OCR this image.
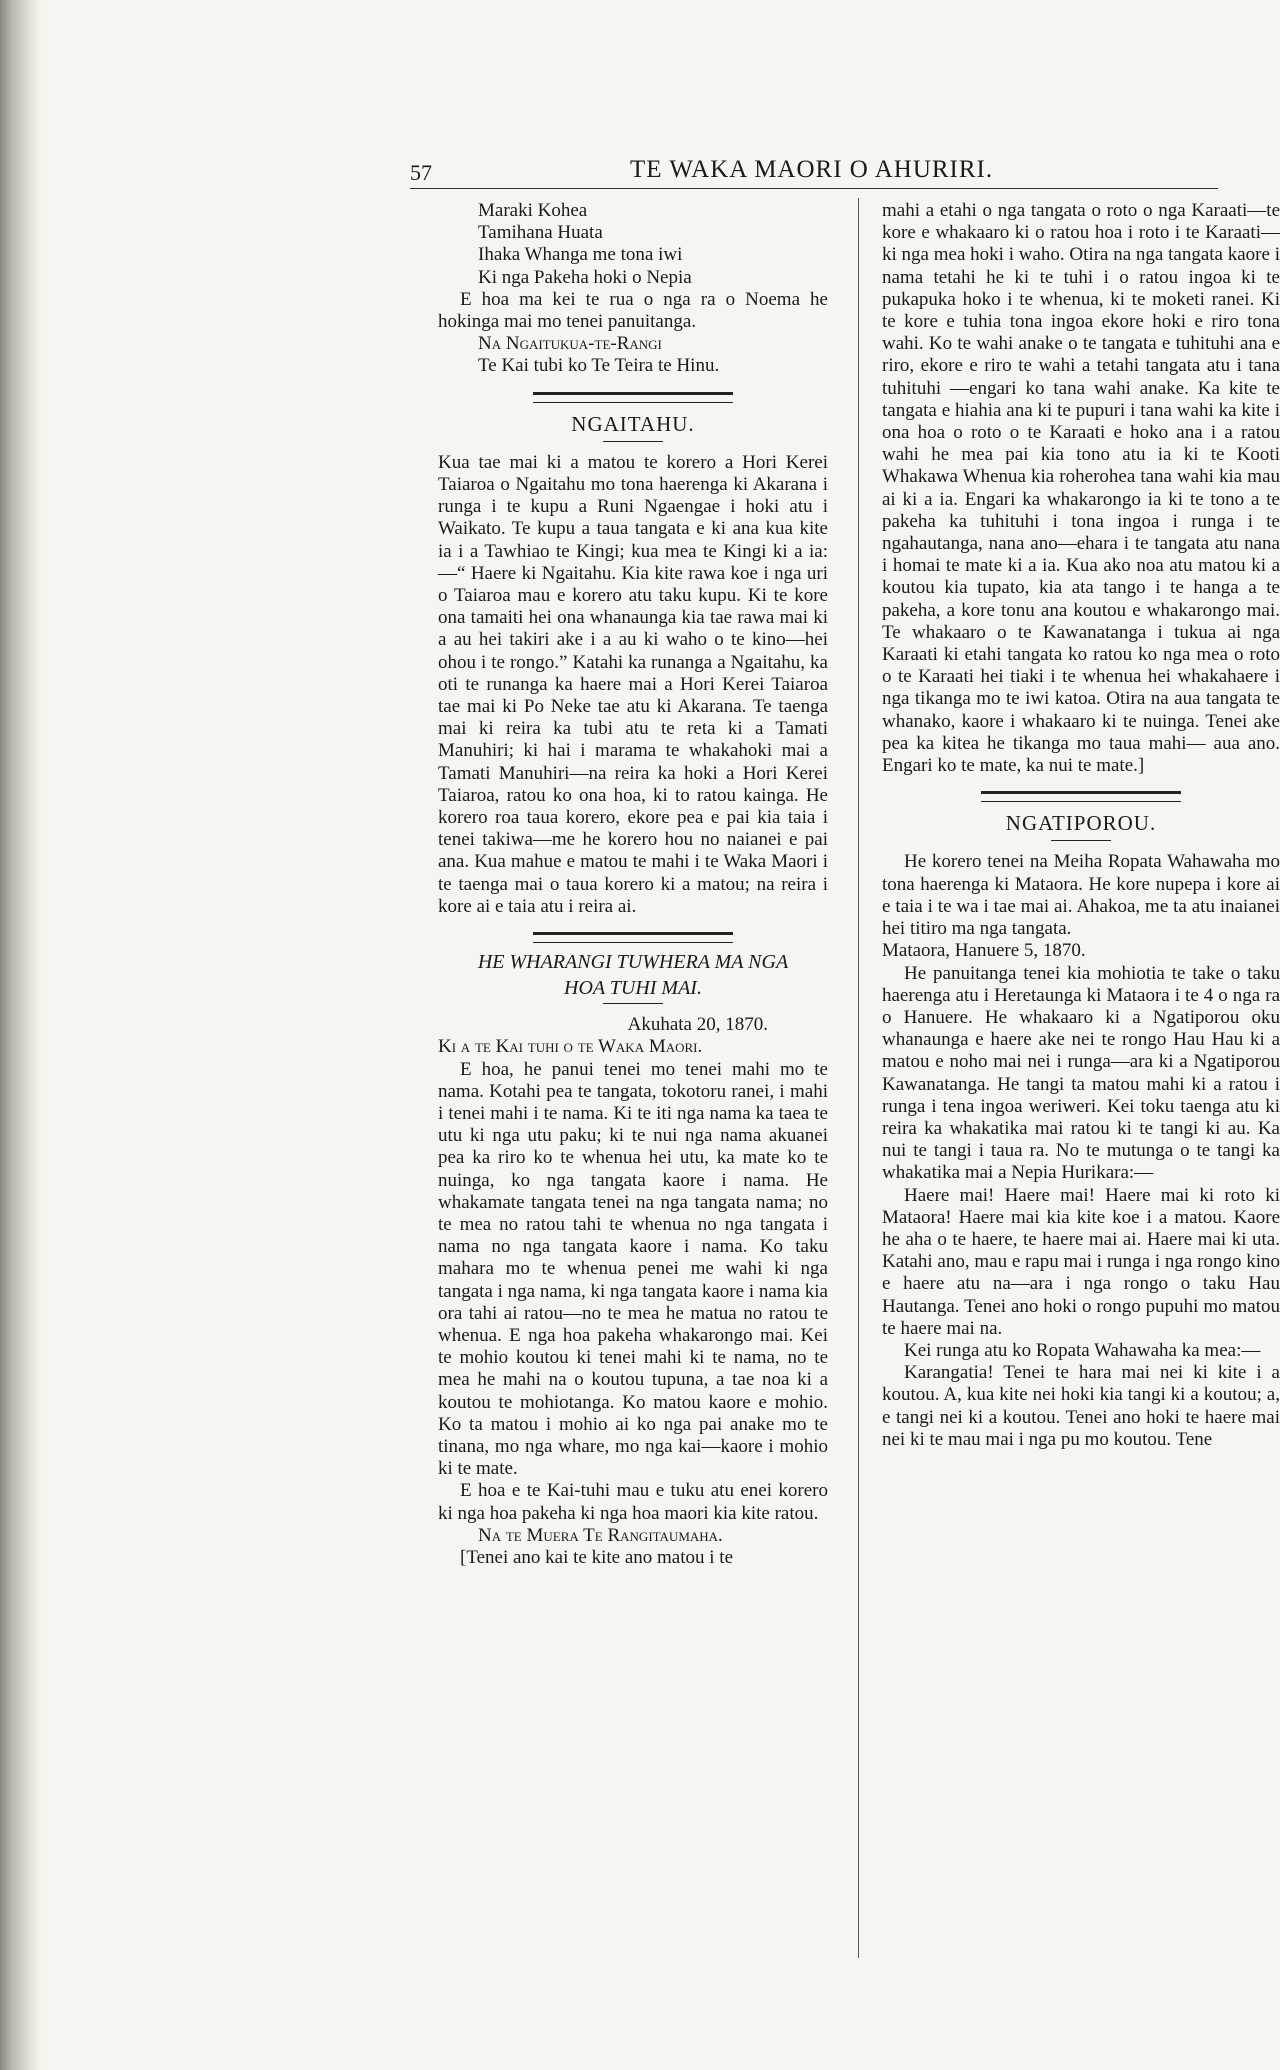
57	TE WAKA MAORI O AHURIRI.

Maraki Kohea

Tamihana Huata

Ihaka Whanga me tona iwi

Ki nga Pakeha hoki o Nepia

E hoa ma kei te rua o nga ra o Noema he hokinga mai mo tenei panuitanga.

Na Ngaitukua-te-Rangi

Te Kai tubi ko Te Teira te Hinu.

NGAITAHU.

Kua tae mai ki a matou te korero a Hori Kerei Taiaroa o Ngaitahu mo tona haerenga ki Akarana i runga i te kupu a Runi Ngaengae i hoki atu i Waikato. Te kupu a taua tangata e ki ana kua kite ia i a Tawhiao te Kingi; kua mea te Kingi ki a ia: —“ Haere ki Ngaitahu. Kia kite rawa koe i nga uri o Taiaroa mau e korero atu taku kupu. Ki te kore ona tamaiti hei ona whanaunga kia tae rawa mai ki a au hei takiri ake i a au ki waho o te kino—hei ohou i te rongo.” Katahi ka runanga a Ngaitahu, ka oti te runanga ka haere mai a Hori Kerei Taiaroa tae mai ki Po Neke tae atu ki Akarana. Te taenga mai ki reira ka tubi atu te reta ki a Tamati Manuhiri; ki hai i marama te whakahoki mai a Tamati Manuhiri—na reira ka hoki a Hori Kerei Taiaroa, ratou ko ona hoa, ki to ratou kainga. He korero roa taua korero, ekore pea e pai kia taia i tenei takiwa—me he korero hou no naianei e pai ana. Kua mahue e matou te mahi i te Waka Maori i te taenga mai o taua korero ki a matou; na reira i kore ai e taia atu i reira ai.

HE WHARANGI TUWHERA MA NGA

HOA TUHI MAI.

Akuhata 20, 1870.

Ki a te Kai tuhi o te Waka Maori.

E hoa, he panui tenei mo tenei mahi mo te nama. Kotahi pea te tangata, tokotoru ranei, i mahi i tenei mahi i te nama. Ki te iti nga nama ka taea te utu ki nga utu paku; ki te nui nga nama akuanei pea ka riro ko te whenua hei utu, ka mate ko te nuinga, ko nga tangata kaore i nama. He whakamate tangata tenei na nga tangata nama; no te mea no ratou tahi te whenua no nga tangata i nama no nga tangata kaore i nama. Ko taku mahara mo te whenua penei me wahi ki nga tangata i nga nama, ki nga tangata kaore i nama kia ora tahi ai ratou—no te mea he matua no ratou te whenua. E nga hoa pakeha whakarongo mai. Kei te mohio koutou ki tenei mahi ki te nama, no te mea he mahi na o koutou tupuna, a tae noa ki a koutou te mohiotanga. Ko matou kaore e mohio. Ko ta matou i mohio ai ko nga pai anake mo te tinana, mo nga whare, mo nga kai—kaore i mohio ki te mate.

E hoa e te Kai-tuhi mau e tuku atu enei korero ki nga hoa pakeha ki nga hoa maori kia kite ratou.

Na te Muera Te Rangitaumaha.

[Tenei ano kai te kite ano matou i te

mahi a etahi o nga tangata o roto o nga Karaati—te kore e whakaaro ki o ratou hoa i roto i te Karaati—ki nga mea hoki i waho. Otira na nga tangata kaore i nama tetahi he ki te tuhi i o ratou ingoa ki te pukapuka hoko i te whenua, ki te moketi ranei. Ki te kore e tuhia tona ingoa ekore hoki e riro tona wahi. Ko te wahi anake o te tangata e tuhituhi ana e riro, ekore e riro te wahi a tetahi tangata atu i tana tuhituhi —engari ko tana wahi anake. Ka kite te tangata e hiahia ana ki te pupuri i tana wahi ka kite i ona hoa o roto o te Karaati e hoko ana i a ratou wahi he mea pai kia tono atu ia ki te Kooti Whakawa Whenua kia roherohea tana wahi kia mau ai ki a ia. Engari ka whakarongo ia ki te tono a te pakeha ka tuhituhi i tona ingoa i runga i te ngahautanga, nana ano—ehara i te tangata atu nana i homai te mate ki a ia. Kua ako noa atu matou ki a koutou kia tupato, kia ata tango i te hanga a te pakeha, a kore tonu ana koutou e whakarongo mai. Te whakaaro o te Kawanatanga i tukua ai nga Karaati ki etahi tangata ko ratou ko nga mea o roto o te Karaati hei tiaki i te whenua hei whakahaere i nga tikanga mo te iwi katoa. Otira na aua tangata te whanako, kaore i whakaaro ki te nuinga. Tenei ake pea ka kitea he tikanga mo taua mahi— aua ano. Engari ko te mate, ka nui te mate.]

NGATIPOROU.

He korero tenei na Meiha Ropata Wahawaha mo tona haerenga ki Mataora. He kore nupepa i kore ai e taia i te wa i tae mai ai. Ahakoa, me ta atu inaianei hei titiro ma nga tangata.

Mataora, Hanuere 5, 1870.

He panuitanga tenei kia mohiotia te take o taku haerenga atu i Heretaunga ki Mataora i te 4 o nga ra o Hanuere. He whakaaro ki a Ngatiporou oku whanaunga e haere ake nei te rongo Hau Hau ki a matou e noho mai nei i runga—ara ki a Ngatiporou Kawanatanga. He tangi ta matou mahi ki a ratou i runga i tena ingoa weriweri. Kei toku taenga atu ki reira ka whakatika mai ratou ki te tangi ki au. Ka nui te tangi i taua ra. No te mutunga o te tangi ka whakatika mai a Nepia Hurikara:—

Haere mai! Haere mai! Haere mai ki roto ki Mataora! Haere mai kia kite koe i a matou. Kaore he aha o te haere, te haere mai ai. Haere mai ki uta. Katahi ano, mau e rapu mai i runga i nga rongo kino e haere atu na—ara i nga rongo o taku Hau Hautanga. Tenei ano hoki o rongo pupuhi mo matou te haere mai na.

Kei runga atu ko Ropata Wahawaha ka mea:—

Karangatia! Tenei te hara mai nei ki kite i a koutou. A, kua kite nei hoki kia tangi ki a koutou; a, e tangi nei ki a koutou. Tenei ano hoki te haere mai nei ki te mau mai i nga pu mo koutou. Tene
